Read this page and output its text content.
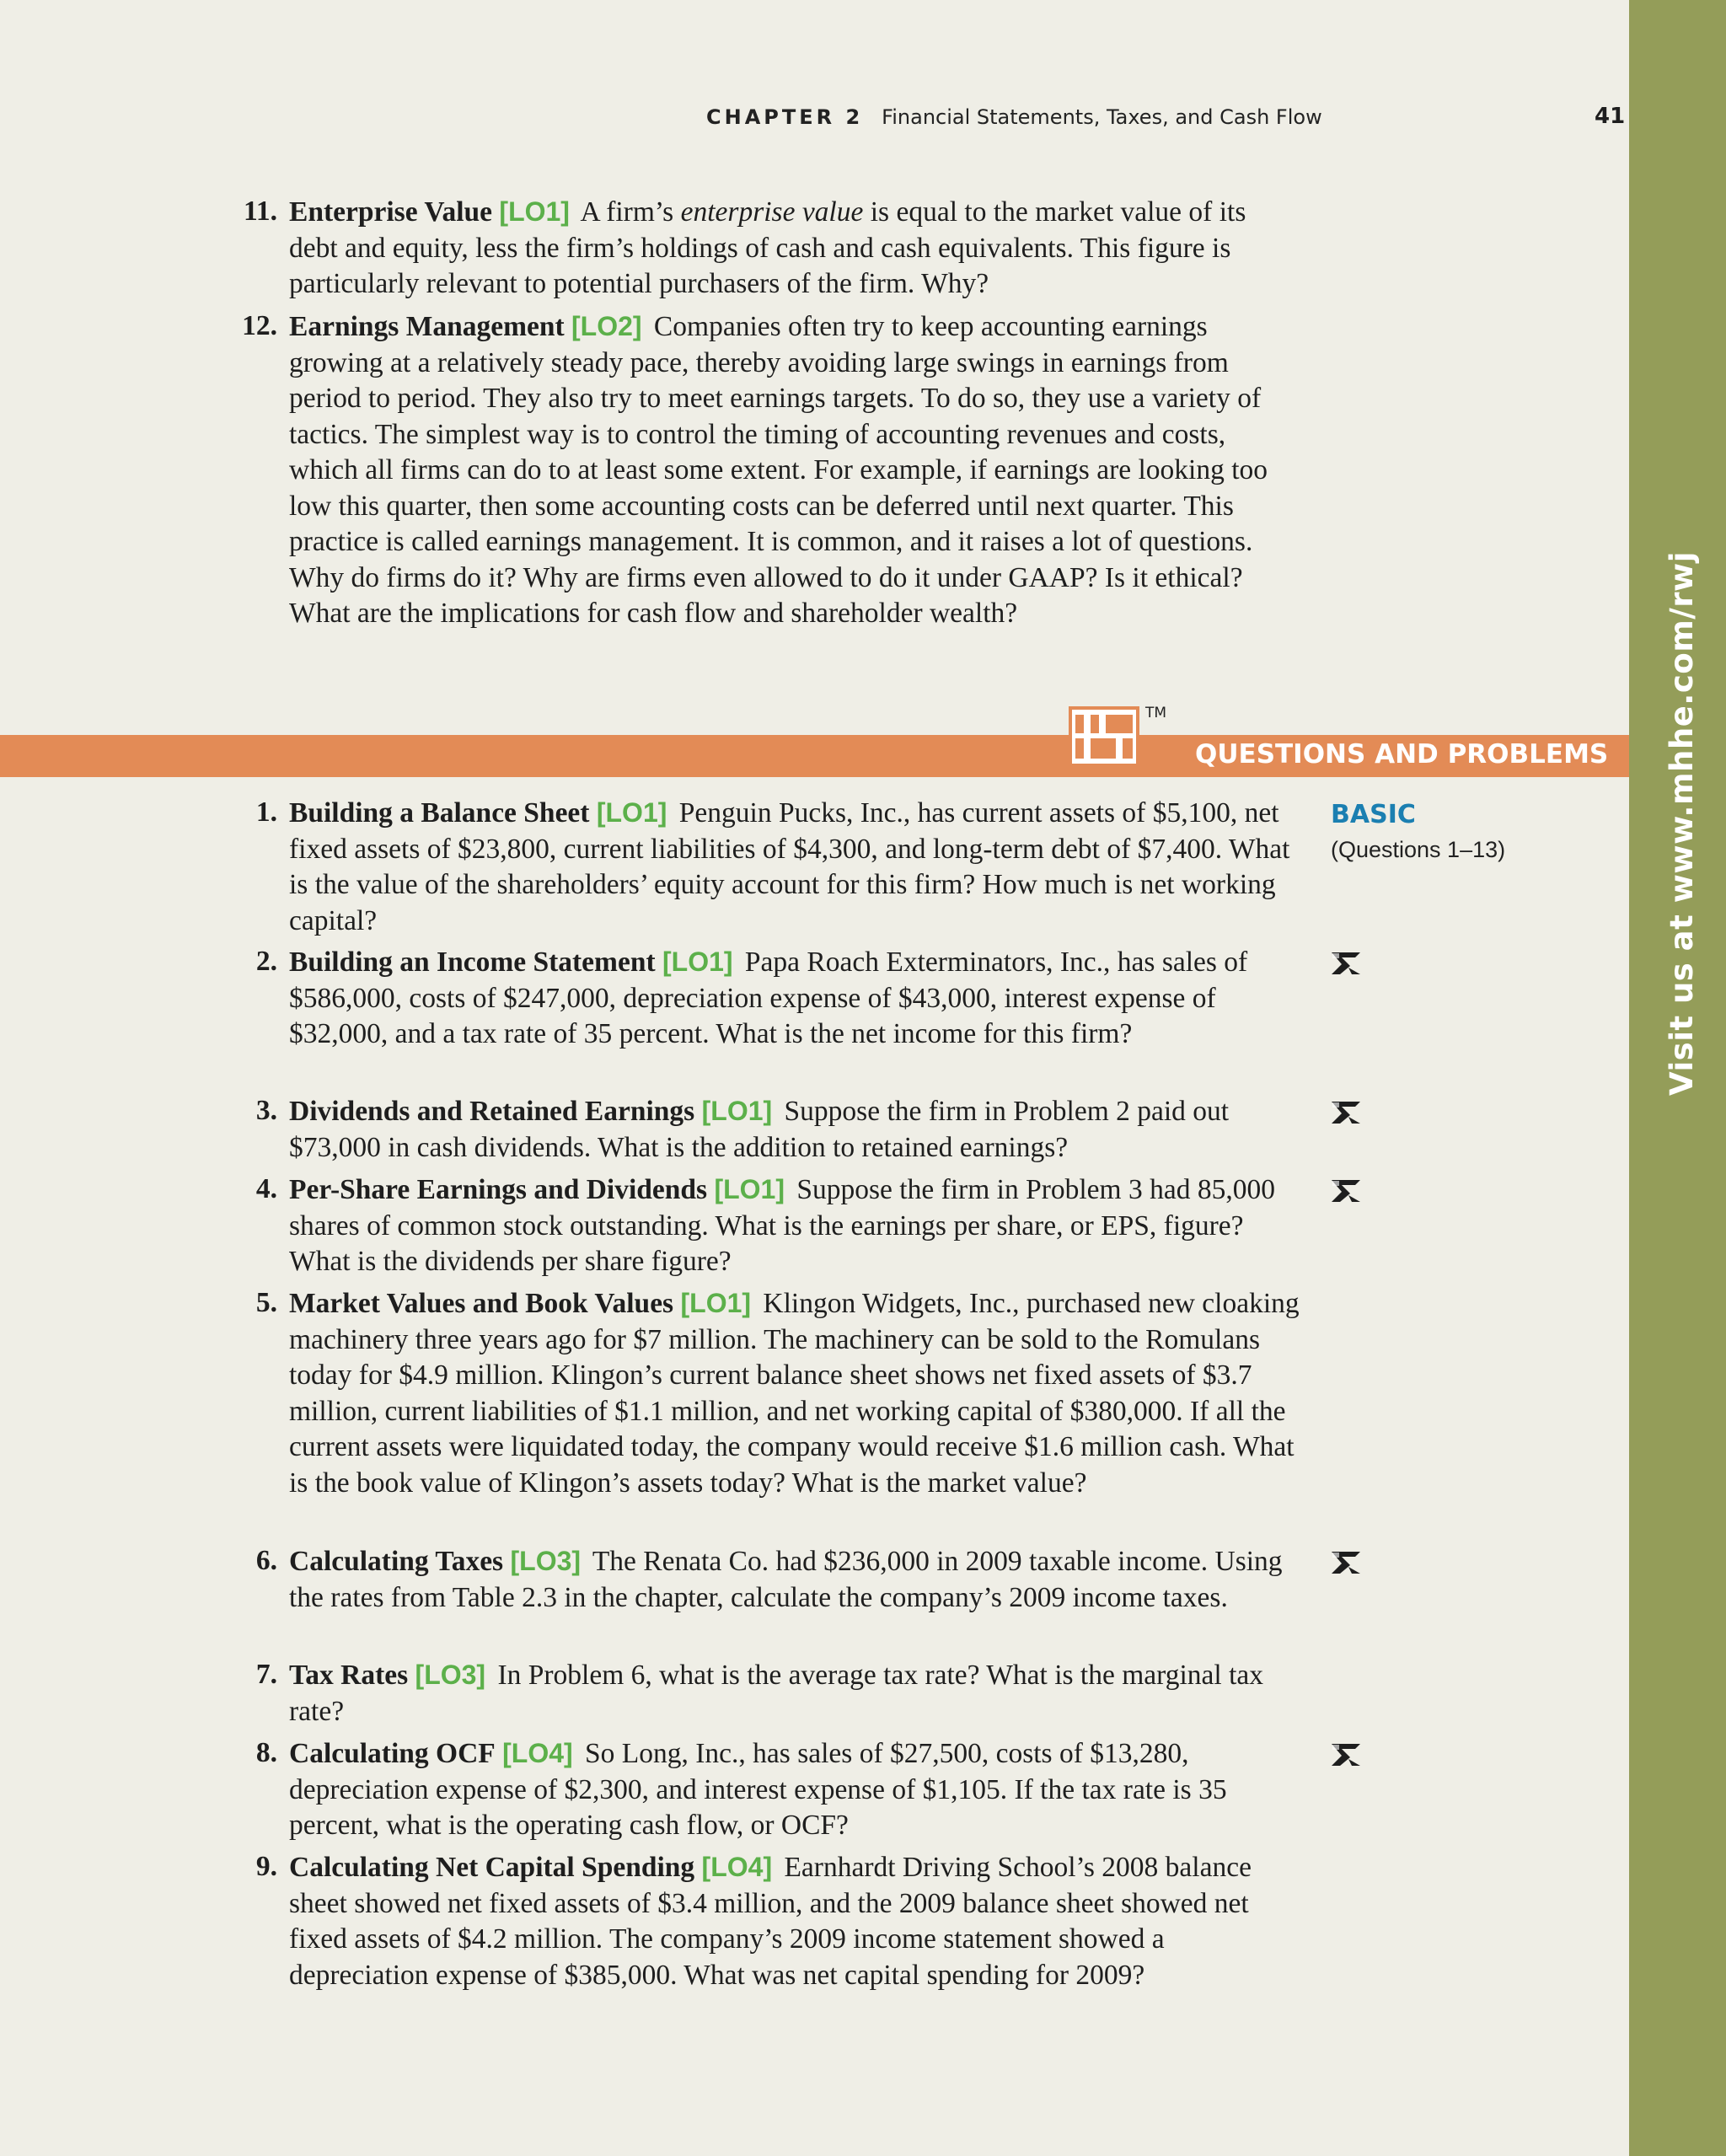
Visit us at www.mhhe.com/rwj
CHAPTER 2 Financial Statements, Taxes, and Cash Flow	41
11. Enterprise Value [LO1] A firm’s enterprise value is equal to the market value of its debt and equity, less the firm’s holdings of cash and cash equivalents. This figure is particularly relevant to potential purchasers of the firm. Why?
12. Earnings Management [LO2] Companies often try to keep accounting earnings growing at a relatively steady pace, thereby avoiding large swings in earnings from period to period. They also try to meet earnings targets. To do so, they use a variety of tactics. The simplest way is to control the timing of accounting revenues and costs, which all firms can do to at least some extent. For example, if earnings are looking too low this quarter, then some accounting costs can be deferred until next quarter. This practice is called earnings management. It is common, and it raises a lot of questions. Why do firms do it? Why are firms even allowed to do it under GAAP? Is it ethical? What are the implications for cash flow and shareholder wealth?
TM
QUESTIONS AND PROBLEMS
BASIC
(Questions 1–13)
1. Building a Balance Sheet [LO1] Penguin Pucks, Inc., has current assets of $5,100, net fixed assets of $23,800, current liabilities of $4,300, and long-term debt of $7,400. What is the value of the shareholders’ equity account for this firm? How much is net working capital?
2. Building an Income Statement [LO1] Papa Roach Exterminators, Inc., has sales of $586,000, costs of $247,000, depreciation expense of $43,000, interest expense of $32,000, and a tax rate of 35 percent. What is the net income for this firm?
3. Dividends and Retained Earnings [LO1] Suppose the firm in Problem 2 paid out $73,000 in cash dividends. What is the addition to retained earnings?
4. Per-Share Earnings and Dividends [LO1] Suppose the firm in Problem 3 had 85,000 shares of common stock outstanding. What is the earnings per share, or EPS, figure? What is the dividends per share figure?
5. Market Values and Book Values [LO1] Klingon Widgets, Inc., purchased new cloaking machinery three years ago for $7 million. The machinery can be sold to the Romulans today for $4.9 million. Klingon’s current balance sheet shows net fixed assets of $3.7 million, current liabilities of $1.1 million, and net working capital of $380,000. If all the current assets were liquidated today, the company would receive $1.6 million cash. What is the book value of Klingon’s assets today? What is the market value?
6. Calculating Taxes [LO3] The Renata Co. had $236,000 in 2009 taxable income. Using the rates from Table 2.3 in the chapter, calculate the company’s 2009 income taxes.
7. Tax Rates [LO3] In Problem 6, what is the average tax rate? What is the marginal tax rate?
8. Calculating OCF [LO4] So Long, Inc., has sales of $27,500, costs of $13,280, depreciation expense of $2,300, and interest expense of $1,105. If the tax rate is 35 percent, what is the operating cash flow, or OCF?
9. Calculating Net Capital Spending [LO4] Earnhardt Driving School’s 2008 balance sheet showed net fixed assets of $3.4 million, and the 2009 balance sheet showed net fixed assets of $4.2 million. The company’s 2009 income statement showed a depreciation expense of $385,000. What was net capital spending for 2009?
